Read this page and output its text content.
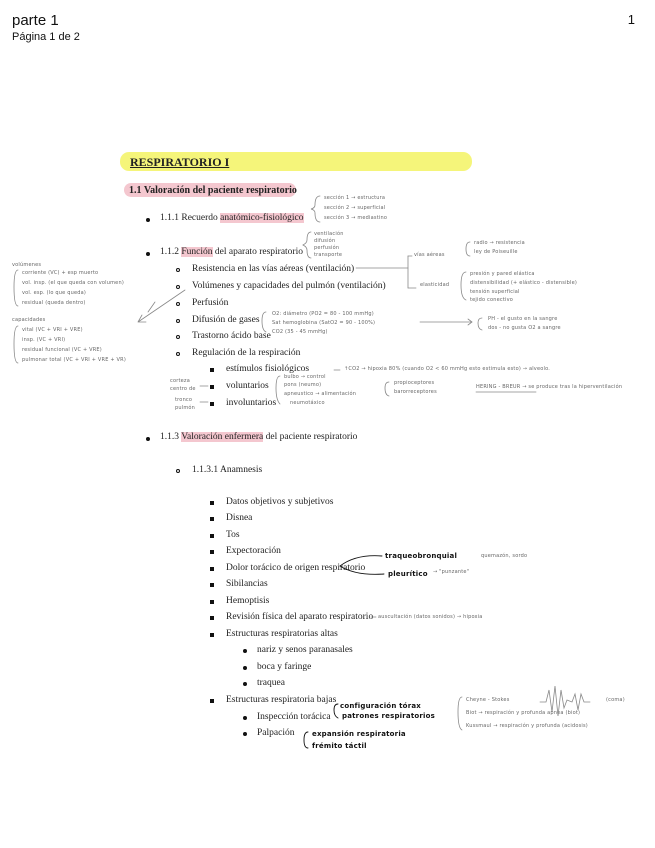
parte 1
Página 1 de 2
1
RESPIRATORIO I
1.1 Valoración del paciente respiratorio
1.1.1 Recuerdo anatómico-fisiológico
1.1.2 Función del aparato respiratorio
Resistencia en las vías aéreas (ventilación)
Volúmenes y capacidades del pulmón (ventilación)
Perfusión
Difusión de gases
Trastorno ácido base
Regulación de la respiración
estímulos fisiológicos
voluntarios
involuntarios
1.1.3 Valoración enfermera del paciente respiratorio
1.1.3.1 Anamnesis
Datos objetivos y subjetivos
Disnea
Tos
Expectoración
Dolor torácico de origen respiratorio
Sibilancias
Hemoptisis
Revisión física del aparato respiratorio
Estructuras respiratorias altas
nariz y senos paranasales
boca y faringe
traquea
Estructuras respiratoria bajas
Inspección torácica
Palpación
sección 1 → estructura
sección 2 → superficial
sección 3 → mediastino
ventilación
difusión
perfusión
transporte	vías aéreas
radio → resistencia
ley de Poiseuille
elasticidad
presión y pared elástica
distensibilidad (+ elástico - distensible)
tensión superficial
tejido conectivo
volúmenes
corriente (VC) + esp muerto
vol. insp. (el que queda con volumen)
vol. esp. (lo que queda)
residual (queda dentro)
capacidades
vital (VC + VRI + VRE)
insp. (VC + VRI)
residual funcional (VC + VRE)
pulmonar total (VC + VRI + VRE + VR)
O2: diámetro (PO2 = 80 - 100 mmHg)
Sat hemoglobina (SatO2 = 90 - 100%)
CO2 (35 - 45 mmHg)
PH - el gusto en la sangre
dos - no gusta O2 a sangre
↑CO2 → hipoxia 80% (cuando O2 < 60 mmHg esto estimula esto) → alveolo.
corteza
centro de
tronco
pulmón
bulbo → control
pons (neumo)
apneustico → alimentación
neumotáxico
propioceptores
barorreceptores
HERING - BREUR → se produce tras la hiperventilación
traqueobronquial	quemazón, sordo
pleurítico → "punzante"
auscultación (datos sonidos) → hipoxia
configuración tórax
patrones respiratorios
expansión respiratoria
frémito táctil
Cheyne - Stokes	(coma)
Biot → respiración y profunda apnea (biot)
Kussmaul → respiración y profunda (acidosis)
